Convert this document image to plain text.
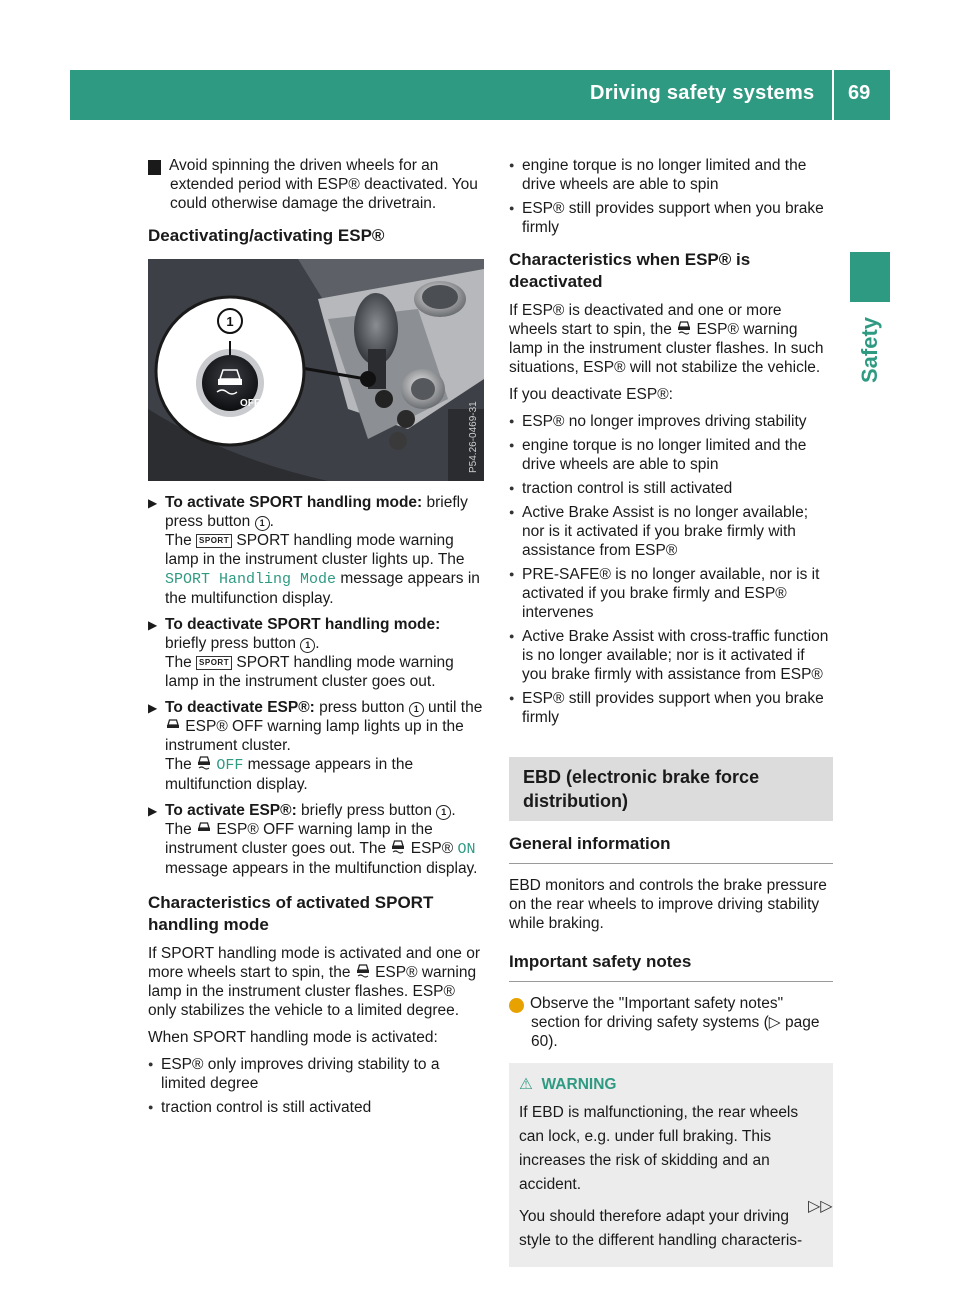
Driving safety systems 69
Safety

! Avoid spinning the driven wheels for an extended period with ESP® deactivated. You could otherwise damage the drivetrain.

Deactivating/activating ESP®
OFF
1
P54.26-0469-31
▶ To activate SPORT handling mode: briefly press button 1 .
The SPORT SPORT handling mode warning lamp in the instrument cluster lights up. The SPORT Handling Mode message appears in the multifunction display.
▶ To deactivate SPORT handling mode: briefly press button 1 .
The SPORT SPORT handling mode warning lamp in the instrument cluster goes out.
▶ To deactivate ESP®: press button 1 until the  ESP® OFF warning lamp lights up in the instrument cluster.
The  OFF message appears in the multifunction display.
▶ To activate ESP®: briefly press button 1 .
The  ESP® OFF warning lamp in the instrument cluster goes out. The  ESP® ON message appears in the multifunction display.
Characteristics of activated SPORT handling mode

If SPORT handling mode is activated and one or more wheels start to spin, the  ESP® warning lamp in the instrument cluster flashes. ESP® only stabilizes the vehicle to a limited degree.

When SPORT handling mode is activated:

● ESP® only improves driving stability to a limited degree
● traction control is still activated
● engine torque is no longer limited and the drive wheels are able to spin
● ESP® still provides support when you brake firmly
Characteristics when ESP® is deactivated

If ESP® is deactivated and one or more wheels start to spin, the  ESP® warning lamp in the instrument cluster flashes. In such situations, ESP® will not stabilize the vehicle.

If you deactivate ESP®:

● ESP® no longer improves driving stability
● engine torque is no longer limited and the drive wheels are able to spin
● traction control is still activated
● Active Brake Assist is no longer available; nor is it activated if you brake firmly with assistance from ESP®
● PRE-SAFE® is no longer available, nor is it activated if you brake firmly and ESP® intervenes
● Active Brake Assist with cross-traffic function is no longer available; nor is it activated if you brake firmly with assistance from ESP®
● ESP® still provides support when you brake firmly
EBD (electronic brake force distribution)
General information

EBD monitors and controls the brake pressure on the rear wheels to improve driving stability while braking.

Important safety notes

i Observe the "Important safety notes" section for driving safety systems (▷ page 60).

⚠ WARNING

If EBD is malfunctioning, the rear wheels can lock, e.g. under full braking. This increases the risk of skidding and an accident.

You should therefore adapt your driving style to the different handling characteris-

▷▷
